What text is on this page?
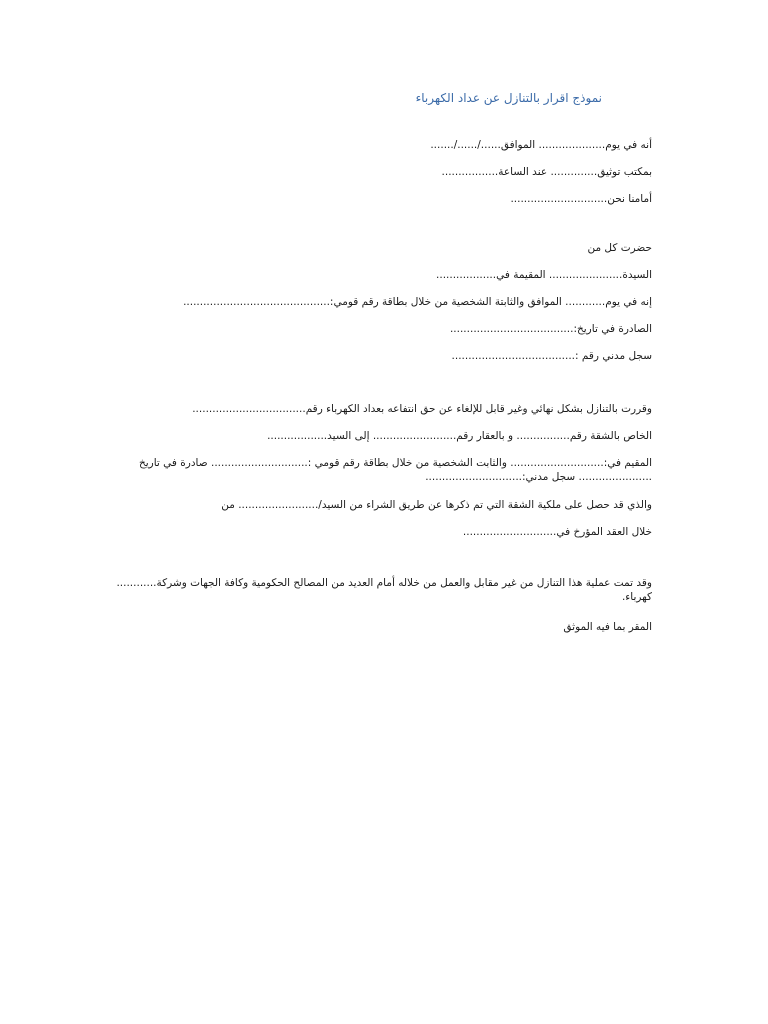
نموذج اقرار بالتنازل عن عداد الكهرباء
أنه في يوم.................... الموافق....../....../.......
بمكتب توثيق.............. عند الساعة.................
أمامنا نحن.............................
حضرت كل من
السيدة...................... المقيمة في..................
إنه في يوم............ الموافق والثابتة الشخصية من خلال بطاقة رقم قومي:............................................
الصادرة في تاريخ:.....................................
سجل مدني رقم :.....................................
وقررت بالتنازل بشكل نهائي وغير قابل للإلغاء عن حق انتفاعه بعداد الكهرباء رقم..................................
الخاص بالشقة رقم................ و بالعقار رقم......................... إلى السيد..................
المقيم في:............................ والثابت الشخصية من خلال بطاقة رقم قومي :............................. صادرة في تاريخ ...................... سجل مدني:.............................
والذي قد حصل على ملكية الشقة التي تم ذكرها عن طريق الشراء من السيد/........................ من
خلال العقد المؤرخ في............................
وقد تمت عملية هذا التنازل من غير مقابل والعمل من خلاله أمام العديد من المصالح الحكومية وكافة الجهات وشركة............ كهرباء.
المقر بما فيه الموثق
